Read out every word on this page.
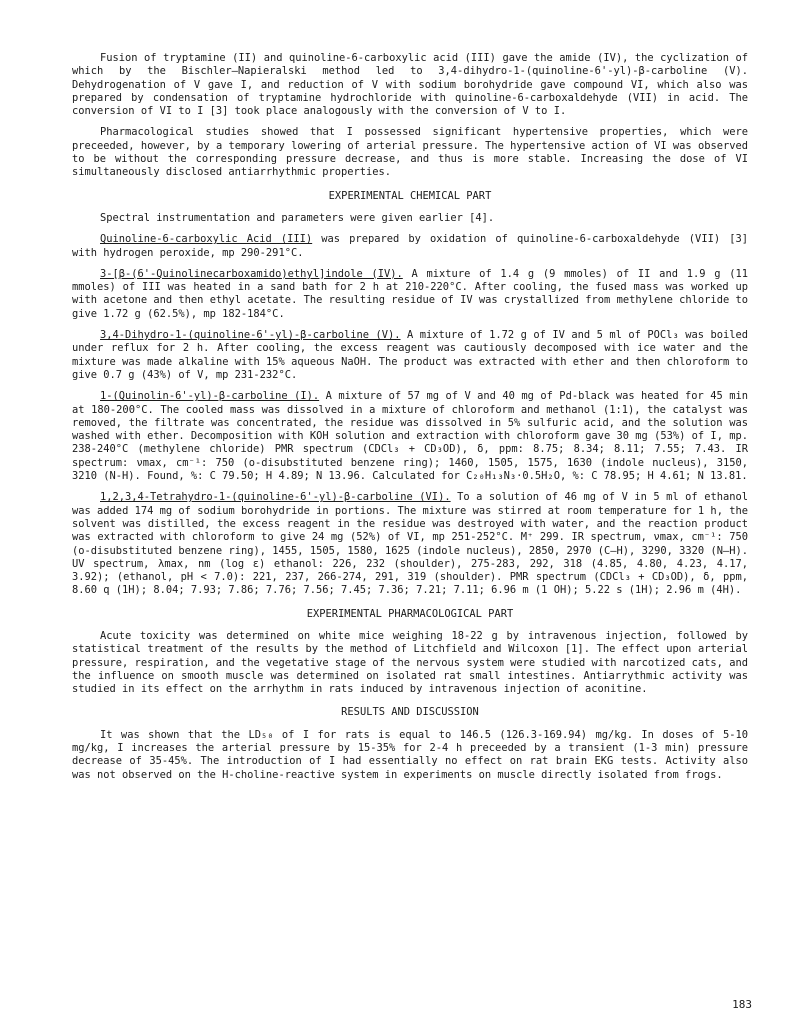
Fusion of tryptamine (II) and quinoline-6-carboxylic acid (III) gave the amide (IV), the cyclization of which by the Bischler–Napieralski method led to 3,4-dihydro-1-(quinoline-6'-yl)-β-carboline (V). Dehydrogenation of V gave I, and reduction of V with sodium borohydride gave compound VI, which also was prepared by condensation of tryptamine hydrochloride with quinoline-6-carboxaldehyde (VII) in acid. The conversion of VI to I [3] took place analogously with the conversion of V to I.

Pharmacological studies showed that I possessed significant hypertensive properties, which were preceeded, however, by a temporary lowering of arterial pressure. The hypertensive action of VI was observed to be without the corresponding pressure decrease, and thus is more stable. Increasing the dose of VI simultaneously disclosed antiarrhythmic properties.

EXPERIMENTAL CHEMICAL PART

Spectral instrumentation and parameters were given earlier [4].

Quinoline-6-carboxylic Acid (III) was prepared by oxidation of quinoline-6-carboxaldehyde (VII) [3] with hydrogen peroxide, mp 290-291°C.

3-[β-(6'-Quinolinecarboxamido)ethyl]indole (IV). A mixture of 1.4 g (9 mmoles) of II and 1.9 g (11 mmoles) of III was heated in a sand bath for 2 h at 210-220°C. After cooling, the fused mass was worked up with acetone and then ethyl acetate. The resulting residue of IV was crystallized from methylene chloride to give 1.72 g (62.5%), mp 182-184°C.

3,4-Dihydro-1-(quinoline-6'-yl)-β-carboline (V). A mixture of 1.72 g of IV and 5 ml of POCl₃ was boiled under reflux for 2 h. After cooling, the excess reagent was cautiously decomposed with ice water and the mixture was made alkaline with 15% aqueous NaOH. The product was extracted with ether and then chloroform to give 0.7 g (43%) of V, mp 231-232°C.

1-(Quinolin-6'-yl)-β-carboline (I). A mixture of 57 mg of V and 40 mg of Pd-black was heated for 45 min at 180-200°C. The cooled mass was dissolved in a mixture of chloroform and methanol (1:1), the catalyst was removed, the filtrate was concentrated, the residue was dissolved in 5% sulfuric acid, and the solution was washed with ether. Decomposition with KOH solution and extraction with chloroform gave 30 mg (53%) of I, mp. 238-240°C (methylene chloride) PMR spectrum (CDCl₃ + CD₃OD), δ, ppm: 8.75; 8.34; 8.11; 7.55; 7.43. IR spectrum: νmax, cm⁻¹: 750 (o-disubstituted benzene ring); 1460, 1505, 1575, 1630 (indole nucleus), 3150, 3210 (N-H). Found, %: C 79.50; H 4.89; N 13.96. Calculated for C₂₀H₁₃N₃·0.5H₂O, %: C 78.95; H 4.61; N 13.81.

1,2,3,4-Tetrahydro-1-(quinoline-6'-yl)-β-carboline (VI). To a solution of 46 mg of V in 5 ml of ethanol was added 174 mg of sodium borohydride in portions. The mixture was stirred at room temperature for 1 h, the solvent was distilled, the excess reagent in the residue was destroyed with water, and the reaction product was extracted with chloroform to give 24 mg (52%) of VI, mp 251-252°C. M⁺ 299. IR spectrum, νmax, cm⁻¹: 750 (o-disubstituted benzene ring), 1455, 1505, 1580, 1625 (indole nucleus), 2850, 2970 (C–H), 3290, 3320 (N–H). UV spectrum, λmax, nm (log ε) ethanol: 226, 232 (shoulder), 275-283, 292, 318 (4.85, 4.80, 4.23, 4.17, 3.92); (ethanol, pH < 7.0): 221, 237, 266-274, 291, 319 (shoulder). PMR spectrum (CDCl₃ + CD₃OD), δ, ppm, 8.60 q (1H); 8.04; 7.93; 7.86; 7.76; 7.56; 7.45; 7.36; 7.21; 7.11; 6.96 m (1 OH); 5.22 s (1H); 2.96 m (4H).

EXPERIMENTAL PHARMACOLOGICAL PART

Acute toxicity was determined on white mice weighing 18-22 g by intravenous injection, followed by statistical treatment of the results by the method of Litchfield and Wilcoxon [1]. The effect upon arterial pressure, respiration, and the vegetative stage of the nervous system were studied with narcotized cats, and the influence on smooth muscle was determined on isolated rat small intestines. Antiarrythmic activity was studied in its effect on the arrhythm in rats induced by intravenous injection of aconitine.

RESULTS AND DISCUSSION

It was shown that the LD₅₀ of I for rats is equal to 146.5 (126.3-169.94) mg/kg. In doses of 5-10 mg/kg, I increases the arterial pressure by 15-35% for 2-4 h preceeded by a transient (1-3 min) pressure decrease of 35-45%. The introduction of I had essentially no effect on rat brain EKG tests. Activity also was not observed on the H-choline-reactive system in experiments on muscle directly isolated from frogs.

183
